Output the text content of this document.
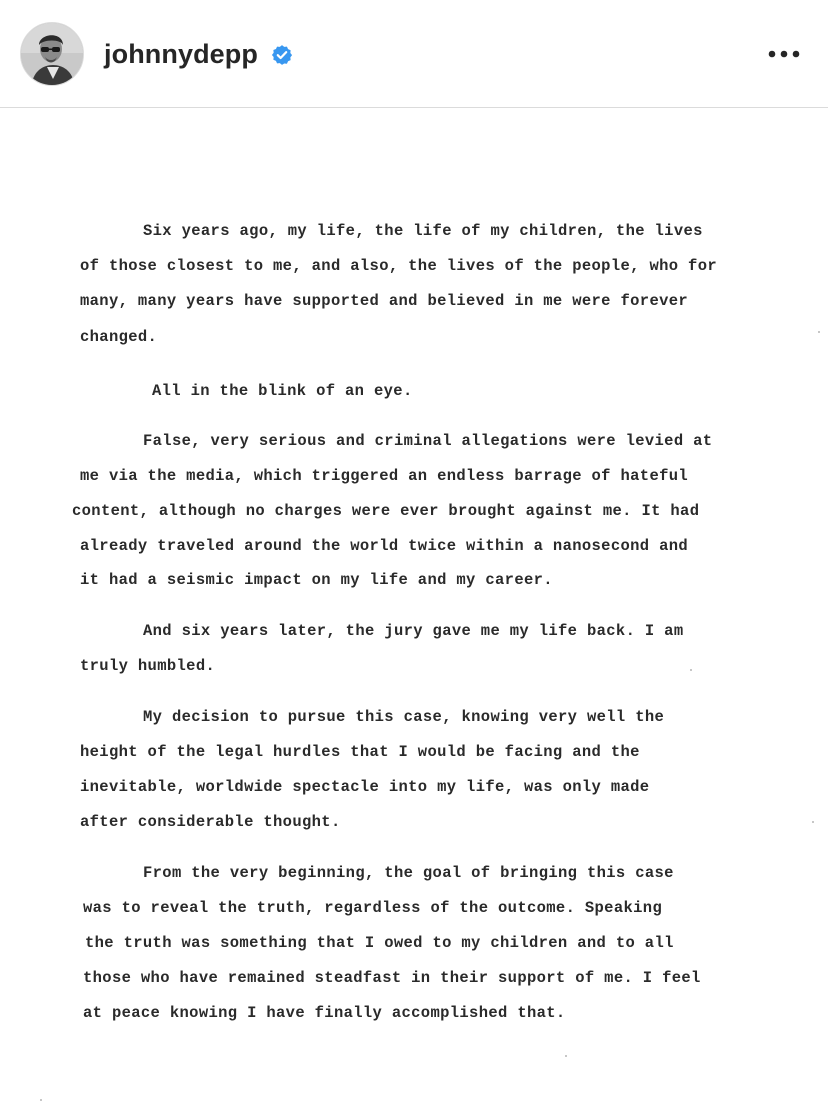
johnnydepp
Six years ago, my life, the life of my children, the lives
of those closest to me, and also, the lives of the people, who for
many, many years have supported and believed in me were forever
changed.
All in the blink of an eye.
False, very serious and criminal allegations were levied at
me via the media, which triggered an endless barrage of hateful
content, although no charges were ever brought against me. It had
already traveled around the world twice within a nanosecond and
it had a seismic impact on my life and my career.
And six years later, the jury gave me my life back. I am
truly humbled.
My decision to pursue this case, knowing very well the
height of the legal hurdles that I would be facing and the
inevitable, worldwide spectacle into my life, was only made
after considerable thought.
From the very beginning, the goal of bringing this case
was to reveal the truth, regardless of the outcome. Speaking
the truth was something that I owed to my children and to all
those who have remained steadfast in their support of me. I feel
at peace knowing I have finally accomplished that.
